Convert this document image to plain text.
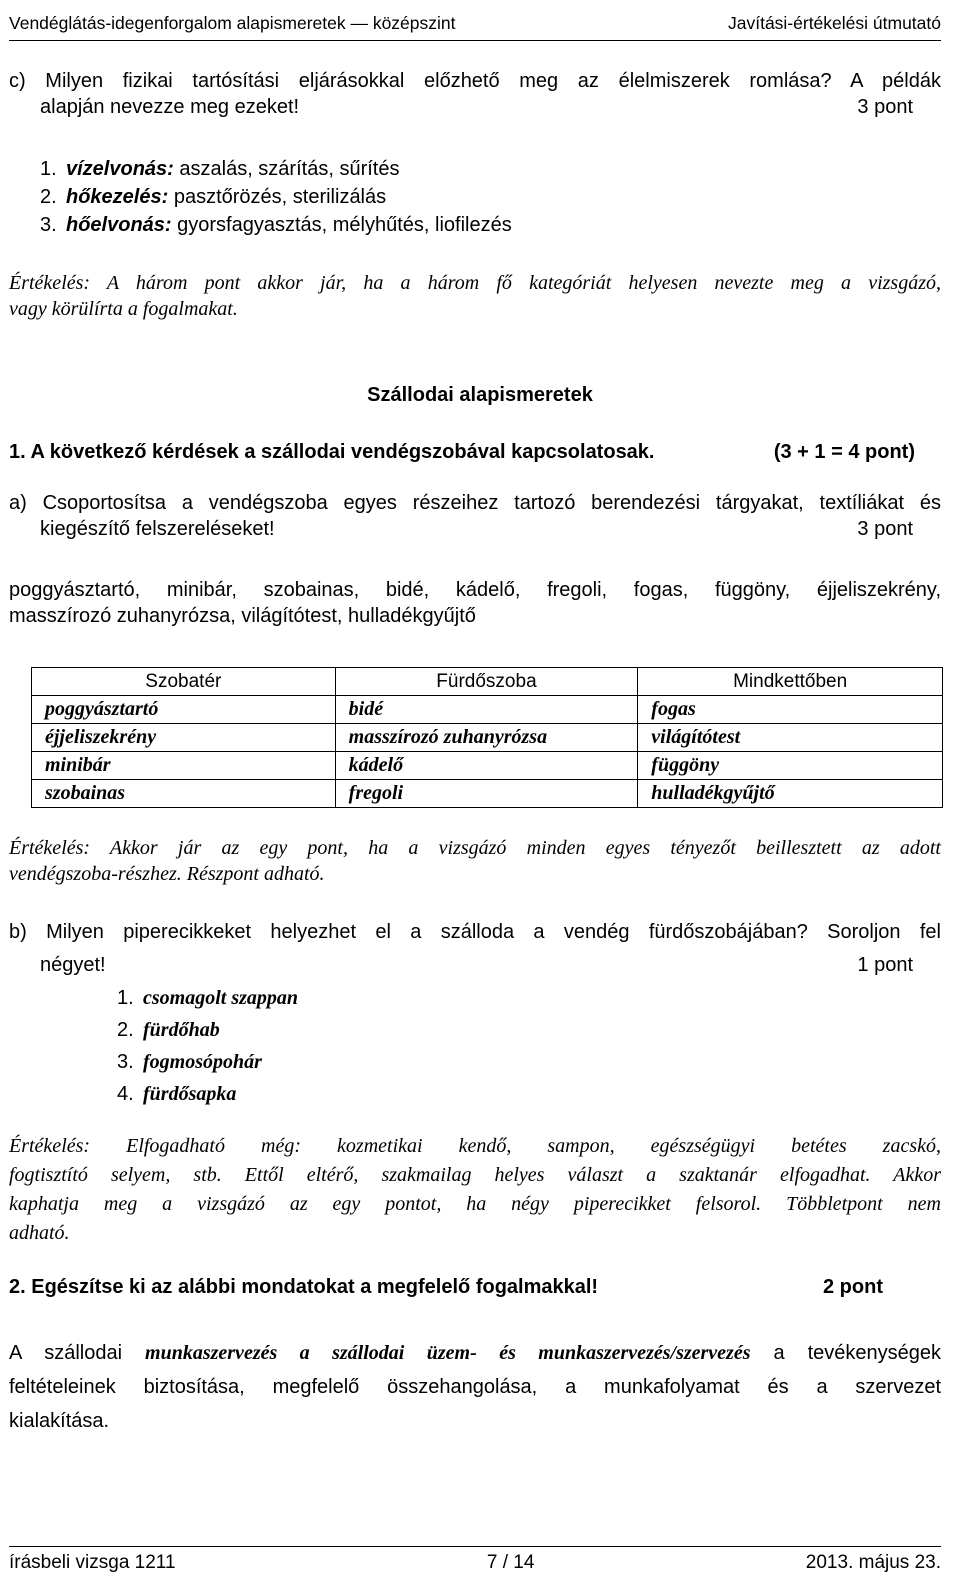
Vendéglátás-idegenforgalom alapismeretek — középszint	Javítási-értékelési útmutató
c) Milyen fizikai tartósítási eljárásokkal előzhető meg az élelmiszerek romlása? A példák
alapján nevezze meg ezeket!	3 pont
1. vízelvonás: aszalás, szárítás, sűrítés
2. hőkezelés: pasztőrözés, sterilizálás
3. hőelvonás: gyorsfagyasztás, mélyhűtés, liofilezés
Értékelés: A három pont akkor jár, ha a három fő kategóriát helyesen nevezte meg a vizsgázó,
vagy körülírta a fogalmakat.
Szállodai alapismeretek
1. A következő kérdések a szállodai vendégszobával kapcsolatosak.	(3 + 1 = 4 pont)
a) Csoportosítsa a vendégszoba egyes részeihez tartozó berendezési tárgyakat, textíliákat és
kiegészítő felszereléseket!	3 pont
poggyásztartó, minibár, szobainas, bidé, kádelő, fregoli, fogas, függöny, éjjeliszekrény,
masszírozó zuhanyrózsa, világítótest, hulladékgyűjtő
Szobatér	Fürdőszoba	Mindkettőben
poggyásztartó	bidé	fogas
éjjeliszekrény	masszírozó zuhanyrózsa	világítótest
minibár	kádelő	függöny
szobainas	fregoli	hulladékgyűjtő
Értékelés: Akkor jár az egy pont, ha a vizsgázó minden egyes tényezőt beillesztett az adott
vendégszoba-részhez. Részpont adható.
b) Milyen piperecikkeket helyezhet el a szálloda a vendég fürdőszobájában? Soroljon fel
négyet!	1 pont
1. csomagolt szappan
2. fürdőhab
3. fogmosópohár
4. fürdősapka
Értékelés: Elfogadható még: kozmetikai kendő, sampon, egészségügyi betétes zacskó,
fogtisztító selyem, stb. Ettől eltérő, szakmailag helyes választ a szaktanár elfogadhat. Akkor
kaphatja meg a vizsgázó az egy pontot, ha négy piperecikket felsorol. Többletpont nem
adható.
2. Egészítse ki az alábbi mondatokat a megfelelő fogalmakkal!	2 pont
A szállodai munkaszervezés a szállodai üzem- és munkaszervezés/szervezés a tevékenységek
feltételeinek biztosítása, megfelelő összehangolása, a munkafolyamat és a szervezet
kialakítása.
írásbeli vizsga 1211	7 / 14	2013. május 23.
